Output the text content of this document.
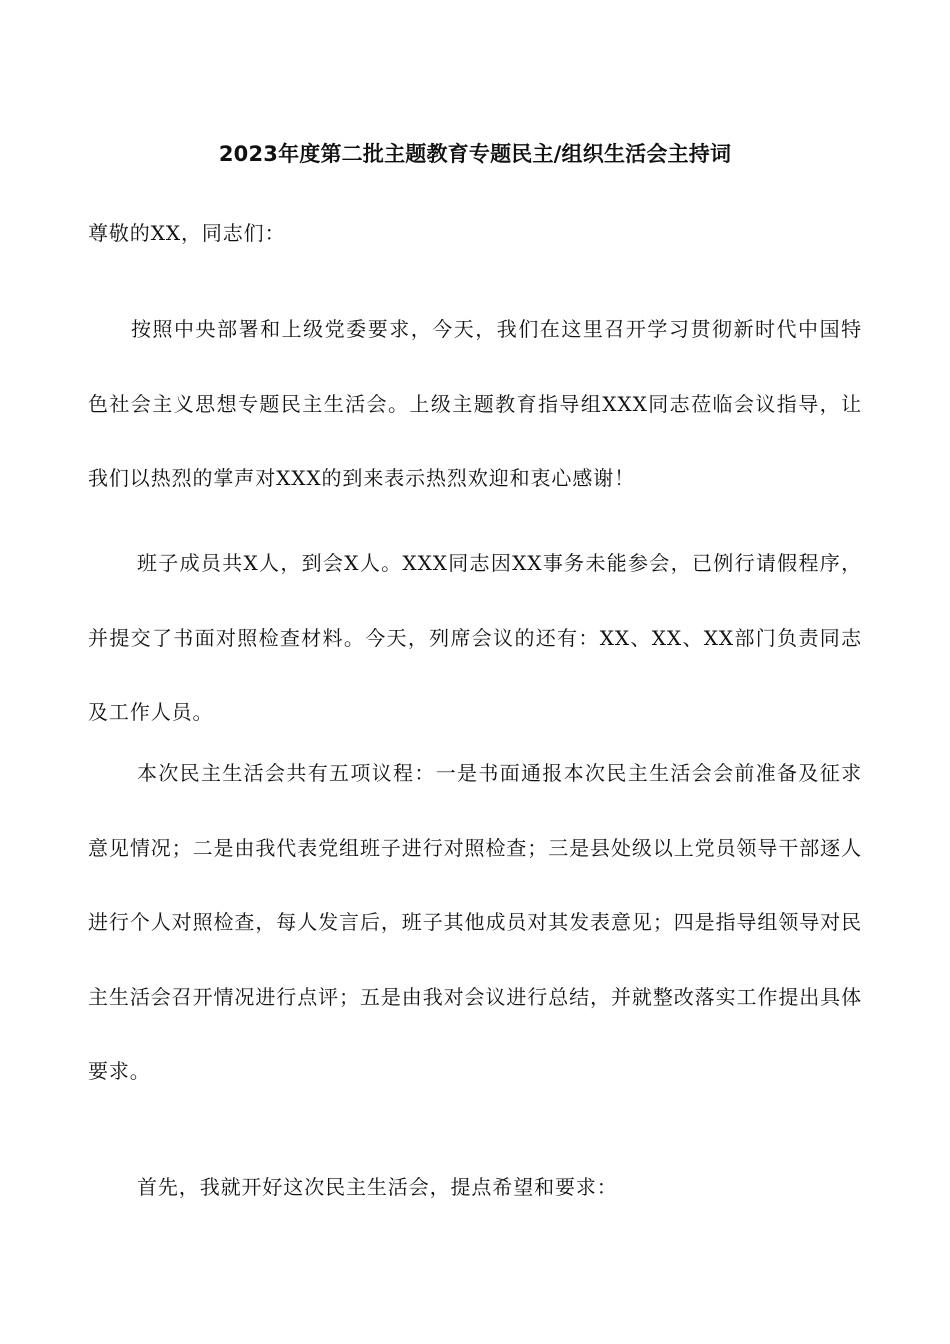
2023年度第二批主题教育专题民主/组织生活会主持词

尊敬的XX，同志们：

按照中央部署和上级党委要求，今天，我们在这里召开学习贯彻新时代中国特色社会主义思想专题民主生活会。上级主题教育指导组XXX同志莅临会议指导，让我们以热烈的掌声对XXX的到来表示热烈欢迎和衷心感谢！

班子成员共X人，到会X人。XXX同志因XX事务未能参会，已例行请假程序，并提交了书面对照检查材料。今天，列席会议的还有：XX、XX、XX部门负责同志及工作人员。

本次民主生活会共有五项议程：一是书面通报本次民主生活会会前准备及征求意见情况；二是由我代表党组班子进行对照检查；三是县处级以上党员领导干部逐人进行个人对照检查，每人发言后，班子其他成员对其发表意见；四是指导组领导对民主生活会召开情况进行点评；五是由我对会议进行总结，并就整改落实工作提出具体要求。

首先，我就开好这次民主生活会，提点希望和要求：
